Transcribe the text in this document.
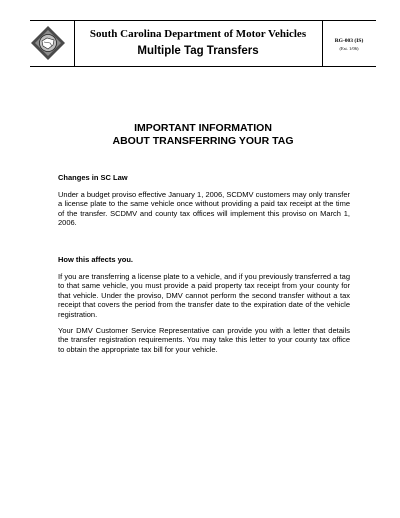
South Carolina Department of Motor Vehicles
Multiple Tag Transfers
RG-003 (IS)
(Est. 1/06)
IMPORTANT INFORMATION
ABOUT TRANSFERRING YOUR TAG
Changes in SC Law
Under a budget proviso effective January 1, 2006, SCDMV customers may only transfer a license plate to the same vehicle once without providing a paid tax receipt at the time of the transfer. SCDMV and county tax offices will implement this proviso on March 1, 2006.
How this affects you.
If you are transferring a license plate to a vehicle, and if you previously transferred a tag to that same vehicle, you must provide a paid property tax receipt from your county for that vehicle. Under the proviso, DMV cannot perform the second transfer without a tax receipt that covers the period from the transfer date to the expiration date of the vehicle registration.
Your DMV Customer Service Representative can provide you with a letter that details the transfer registration requirements. You may take this letter to your county tax office to obtain the appropriate tax bill for your vehicle.
